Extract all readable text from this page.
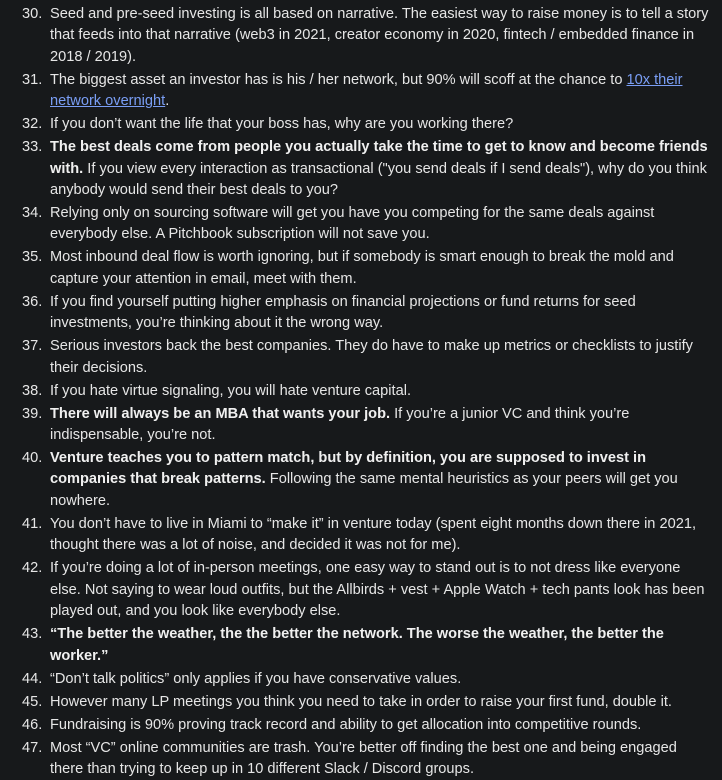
30. Seed and pre-seed investing is all based on narrative. The easiest way to raise money is to tell a story that feeds into that narrative (web3 in 2021, creator economy in 2020, fintech / embedded finance in 2018 / 2019).
31. The biggest asset an investor has is his / her network, but 90% will scoff at the chance to 10x their network overnight.
32. If you don’t want the life that your boss has, why are you working there?
33. The best deals come from people you actually take the time to get to know and become friends with. If you view every interaction as transactional ("you send deals if I send deals"), why do you think anybody would send their best deals to you?
34. Relying only on sourcing software will get you have you competing for the same deals against everybody else. A Pitchbook subscription will not save you.
35. Most inbound deal flow is worth ignoring, but if somebody is smart enough to break the mold and capture your attention in email, meet with them.
36. If you find yourself putting higher emphasis on financial projections or fund returns for seed investments, you’re thinking about it the wrong way.
37. Serious investors back the best companies. They do have to make up metrics or checklists to justify their decisions.
38. If you hate virtue signaling, you will hate venture capital.
39. There will always be an MBA that wants your job. If you’re a junior VC and think you’re indispensable, you’re not.
40. Venture teaches you to pattern match, but by definition, you are supposed to invest in companies that break patterns. Following the same mental heuristics as your peers will get you nowhere.
41. You don’t have to live in Miami to “make it” in venture today (spent eight months down there in 2021, thought there was a lot of noise, and decided it was not for me).
42. If you’re doing a lot of in-person meetings, one easy way to stand out is to not dress like everyone else. Not saying to wear loud outfits, but the Allbirds + vest + Apple Watch + tech pants look has been played out, and you look like everybody else.
43. “The better the weather, the the better the network. The worse the weather, the better the worker.”
44. “Don’t talk politics” only applies if you have conservative values.
45. However many LP meetings you think you need to take in order to raise your first fund, double it.
46. Fundraising is 90% proving track record and ability to get allocation into competitive rounds.
47. Most “VC” online communities are trash. You’re better off finding the best one and being engaged there than trying to keep up in 10 different Slack / Discord groups.
